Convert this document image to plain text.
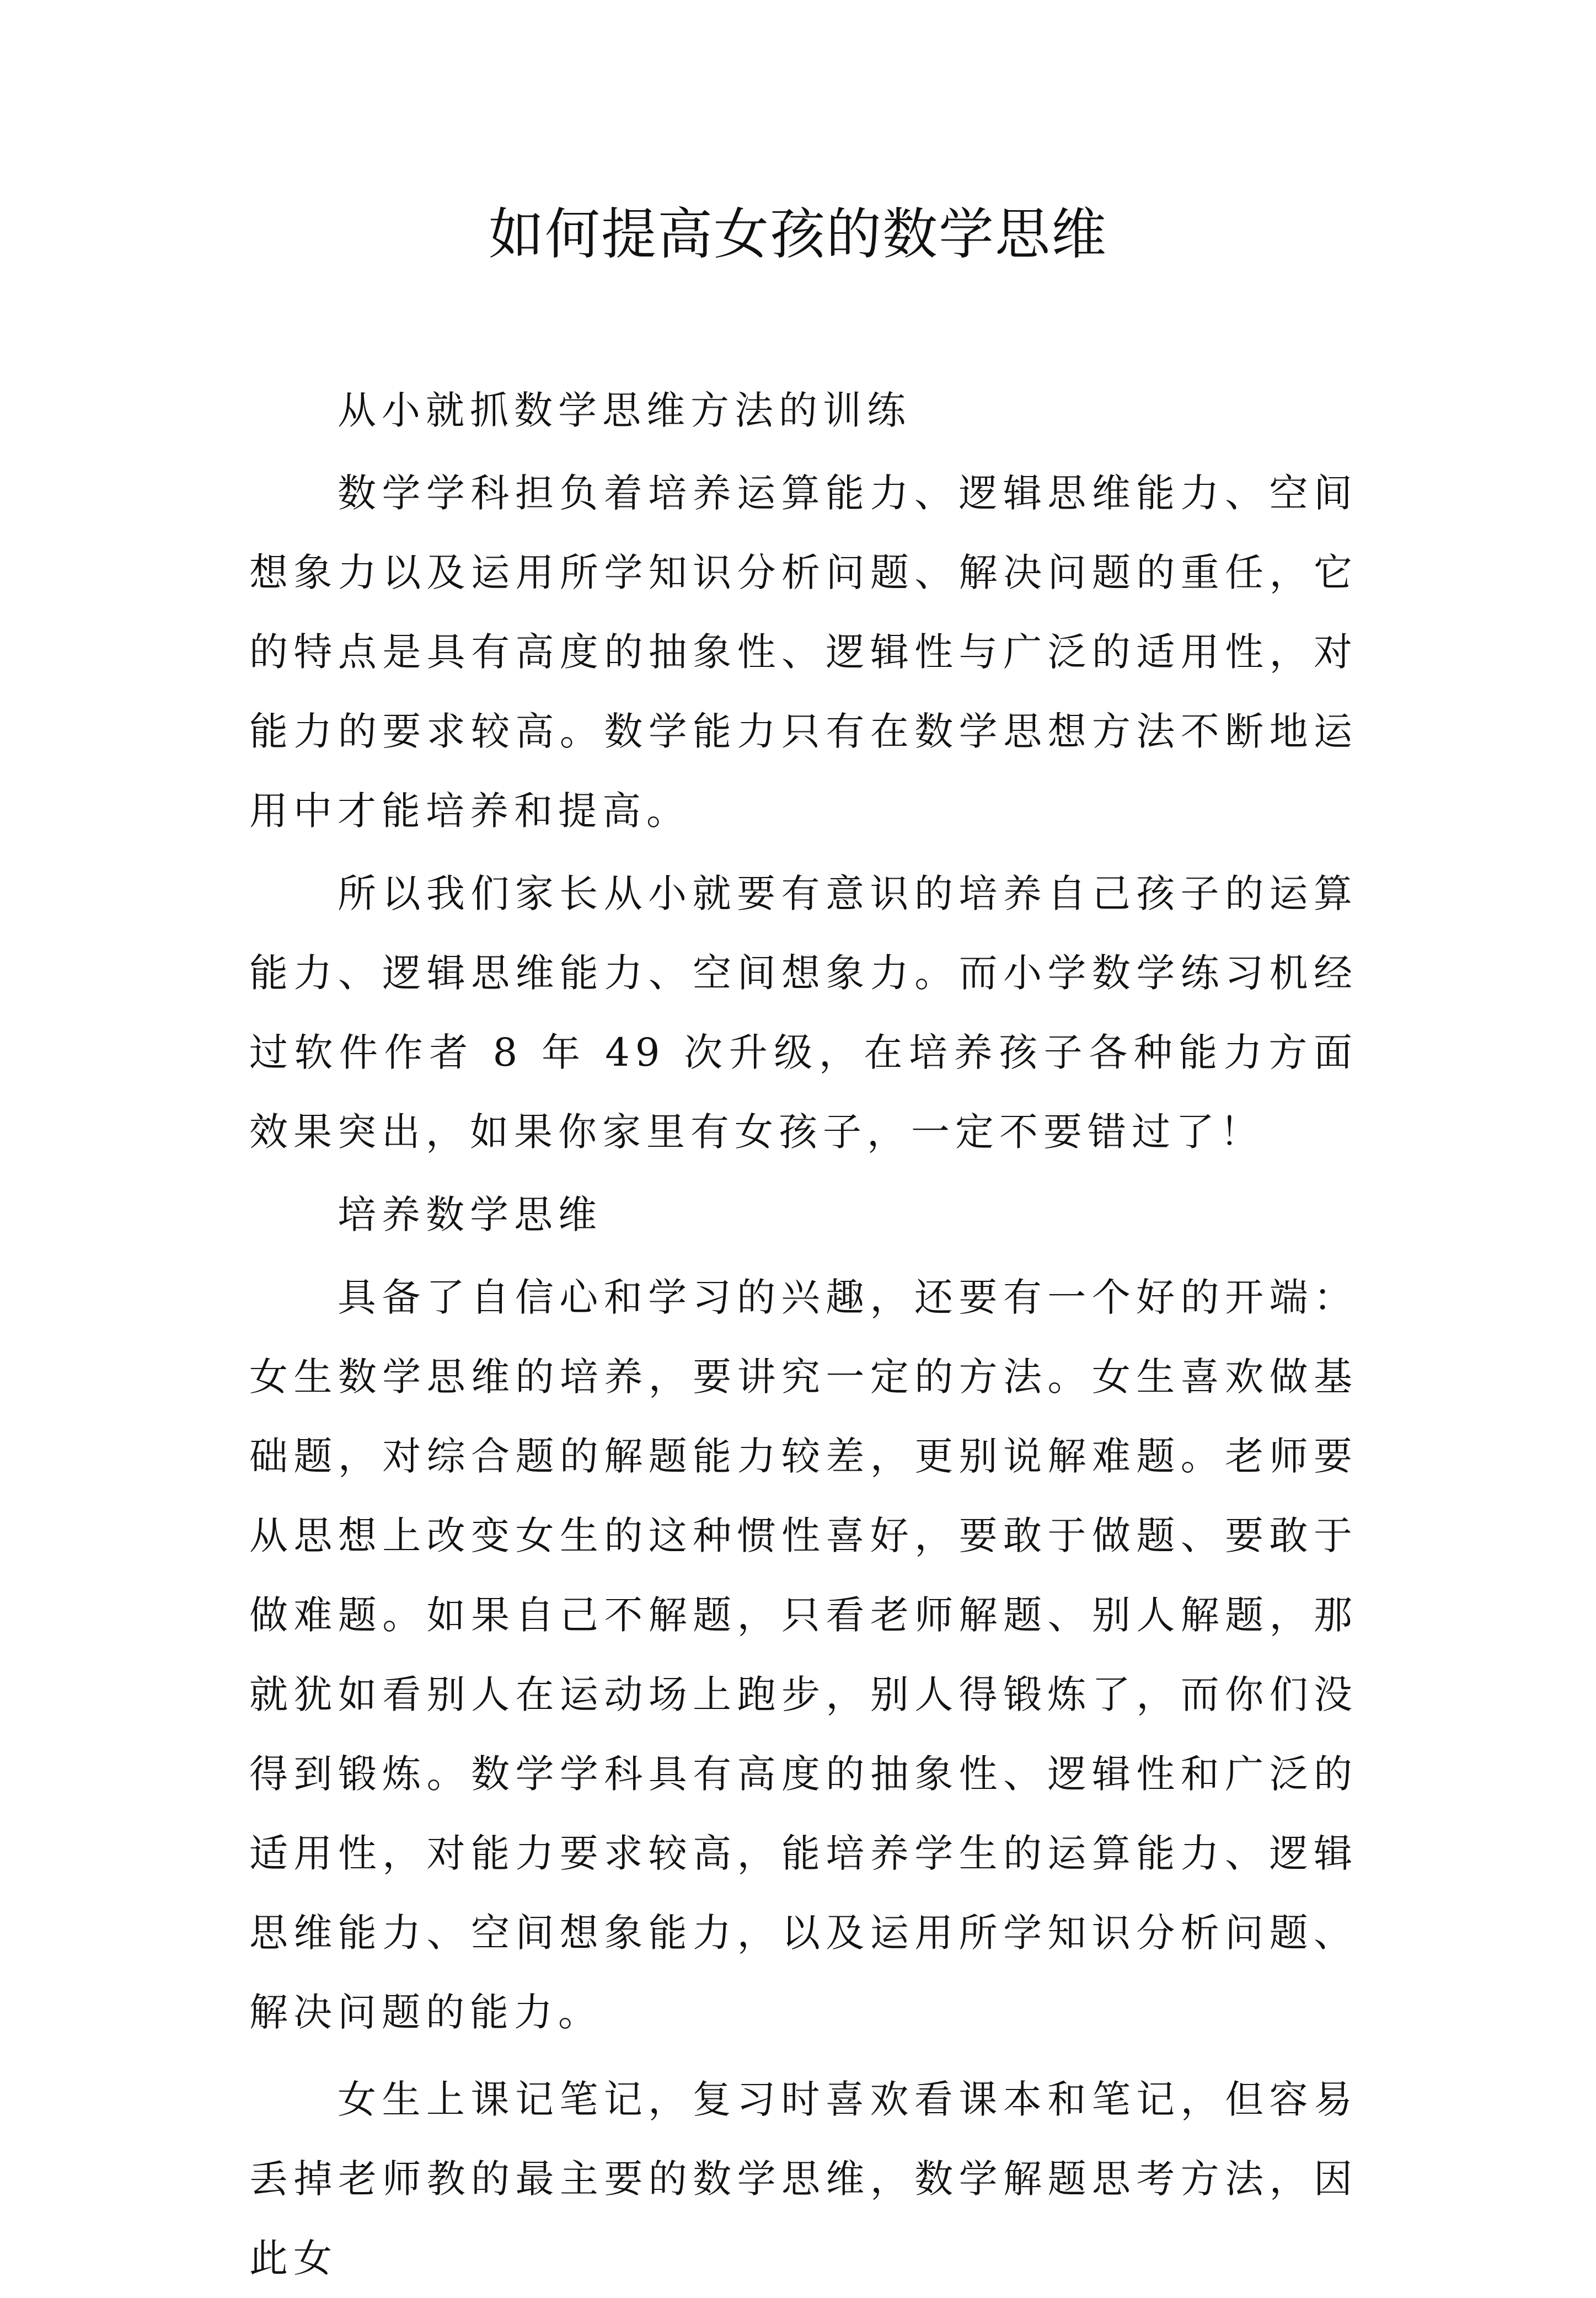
如何提高女孩的数学思维

从小就抓数学思维方法的训练

数学学科担负着培养运算能力、逻辑思维能力、空间想象力以及运用所学知识分析问题、解决问题的重任，它的特点是具有高度的抽象性、逻辑性与广泛的适用性，对能力的要求较高。数学能力只有在数学思想方法不断地运用中才能培养和提高。

所以我们家长从小就要有意识的培养自己孩子的运算能力、逻辑思维能力、空间想象力。而小学数学练习机经过软件作者 8 年 49 次升级，在培养孩子各种能力方面效果突出，如果你家里有女孩子，一定不要错过了！

培养数学思维

具备了自信心和学习的兴趣，还要有一个好的开端：女生数学思维的培养，要讲究一定的方法。女生喜欢做基础题，对综合题的解题能力较差，更别说解难题。老师要从思想上改变女生的这种惯性喜好，要敢于做题、要敢于做难题。如果自己不解题，只看老师解题、别人解题，那就犹如看别人在运动场上跑步，别人得锻炼了，而你们没得到锻炼。数学学科具有高度的抽象性、逻辑性和广泛的适用性，对能力要求较高，能培养学生的运算能力、逻辑思维能力、空间想象能力，以及运用所学知识分析问题、解决问题的能力。

女生上课记笔记，复习时喜欢看课本和笔记，但容易丢掉老师教的最主要的数学思维，数学解题思考方法，因此女
